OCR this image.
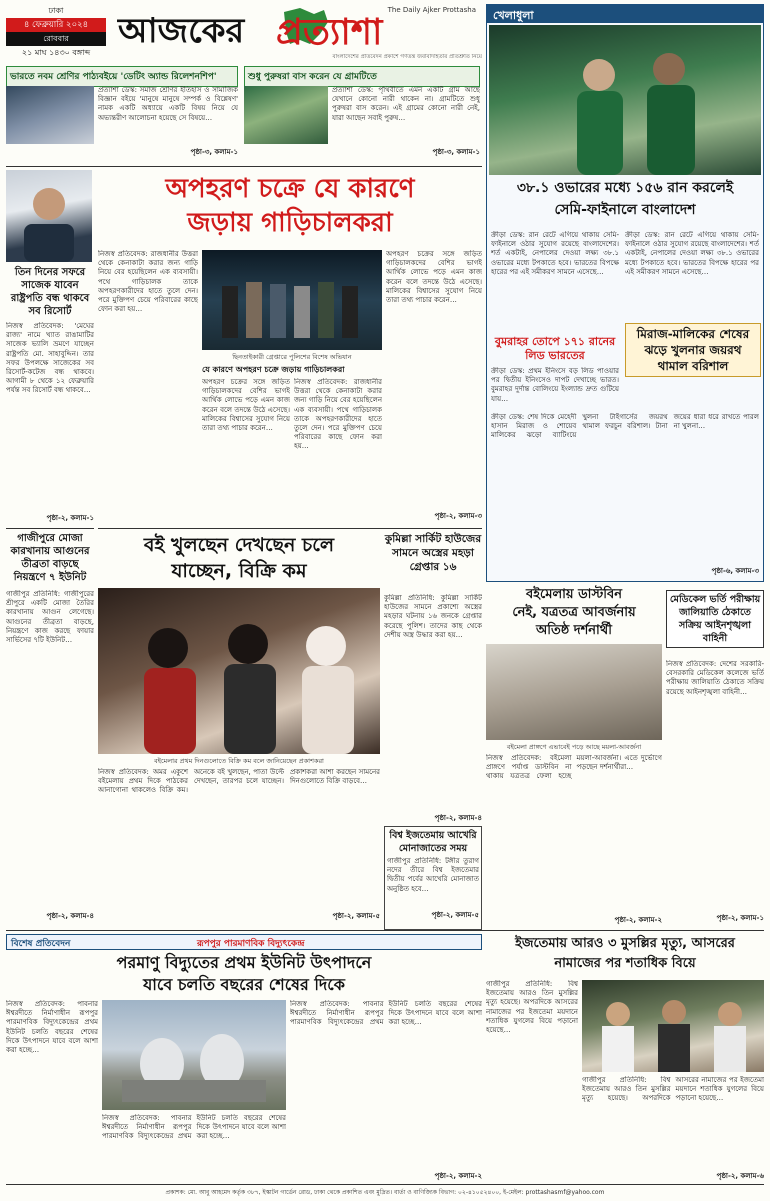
ঢাকা
৪ ফেব্রুয়ারি ২০২৪
রোববার
২১ মাঘ ১৪৩০ বঙ্গাব্দ
আজকের প্রত্যাশা
The Daily Ajker Prottasha
বাংলাদেশের প্রতিবেদন প্রকাশে গণতন্ত্র জবাবদিহিতার প্রতিশ্রুতি নিয়ে
ভারতে নবম শ্রেণির পাঠ্যবইয়ে 'ডেটিং অ্যান্ড রিলেশনশিপ'
প্রত্যাশা ডেস্ক: সমাজ শ্রেণির ইতিহাস ও সামাজিক বিজ্ঞান বইয়ে 'মানুষে মানুষে সম্পর্ক ও বিশ্লেষণ' নামক একটি অধ্যায়ে একটি বিষয় নিয়ে যে অভ্যন্তরীণ আলোচনা হয়েছে সে বিষয়ে…
পৃষ্ঠা-৩, কলাম-১
শুধু পুরুষরা বাস করেন যে গ্রামটিতে
প্রত্যাশা ডেস্ক: পৃথিবীতে এমন একটি গ্রাম আছে যেখানে কোনো নারী থাকেন না। গ্রামটিতে শুধু পুরুষরা বাস করেন। এই গ্রামের কোনো নারী নেই, যারা আছেন সবাই পুরুষ…
পৃষ্ঠা-৩, কলাম-১
খেলাধুলা
৩৮.১ ওভারের মধ্যে ১৫৬ রান করলেই
সেমি-ফাইনালে বাংলাদেশ
ক্রীড়া ডেস্ক: রান রেটে এগিয়ে থাকায় সেমি-ফাইনালে ওঠার সুযোগ রয়েছে বাংলাদেশের। শর্ত একটাই, নেপালের দেওয়া লক্ষ্য ৩৮.১ ওভারের মধ্যে টপকাতে হবে। ভারতের বিপক্ষে হারের পর এই সমীকরণ সামনে এসেছে…
ক্রীড়া ডেস্ক: রান রেটে এগিয়ে থাকায় সেমি-ফাইনালে ওঠার সুযোগ রয়েছে বাংলাদেশের। শর্ত একটাই, নেপালের দেওয়া লক্ষ্য ৩৮.১ ওভারের মধ্যে টপকাতে হবে। ভারতের বিপক্ষে হারের পর এই সমীকরণ সামনে এসেছে…
বুমরাহর তোপে ১৭১ রানের লিড ভারতের
ক্রীড়া ডেস্ক: প্রথম ইনিংসে বড় লিড পাওয়ার পর দ্বিতীয় ইনিংসেও দাপট দেখাচ্ছে ভারত। বুমরাহর দুর্দান্ত বোলিংয়ে ইংল্যান্ড দ্রুত গুটিয়ে যায়…
মিরাজ-মালিকের শেষের
ঝড়ে খুলনার জয়রথ
থামাল বরিশাল
ক্রীড়া ডেস্ক: শেষ দিকে মেহেদী হাসান মিরাজ ও শোয়েব মালিকের ঝড়ো ব্যাটিংয়ে খুলনা টাইগার্সের জয়রথ থামাল ফরচুন বরিশাল। টানা জয়ের ধারা ধরে রাখতে পারল না খুলনা…
পৃষ্ঠা-৬, কলাম-৩
তিন দিনের সফরে সাজেক যাবেন রাষ্ট্রপতি বন্ধ থাকবে সব রিসোর্ট
নিজস্ব প্রতিবেদক: 'মেঘের রাজ্য' নামে খ্যাত রাঙামাটির সাজেক ভ্যালি ভ্রমণে যাচ্ছেন রাষ্ট্রপতি মো. সাহাবুদ্দিন। তার সফর উপলক্ষে সাজেকের সব রিসোর্ট-কটেজ বন্ধ থাকবে। আগামী ৮ থেকে ১২ ফেব্রুয়ারি পর্যন্ত সব রিসোর্ট বন্ধ থাকবে…
পৃষ্ঠা-২, কলাম-১
গাজীপুরে মোজা কারখানায় আগুনের তীব্রতা বাড়ছে নিয়ন্ত্রণে ৭ ইউনিট
গাজীপুর প্রতিনিধি: গাজীপুরের শ্রীপুরে একটি মোজা তৈরির কারখানায় আগুন লেগেছে। আগুনের তীব্রতা বাড়ছে, নিয়ন্ত্রণে কাজ করছে ফায়ার সার্ভিসের ৭টি ইউনিট…
পৃষ্ঠা-২, কলাম-৪
অপহরণ চক্রে যে কারণে
জড়ায় গাড়িচালকরা
নিজস্ব প্রতিবেদক: রাজধানীর উত্তরা থেকে কেনাকাটা করার জন্য গাড়ি নিয়ে বের হয়েছিলেন এক ব্যবসায়ী। পথে গাড়িচালক তাকে অপহরণকারীদের হাতে তুলে দেন। পরে মুক্তিপণ চেয়ে পরিবারের কাছে ফোন করা হয়…
ছিনতাইকারী গ্রেপ্তারে পুলিশের বিশেষ অভিযান
যে কারণে অপহরণ চক্রে জড়ায় গাড়িচালকরা
অপহরণ চক্রের সঙ্গে জড়িত গাড়িচালকদের বেশির ভাগই আর্থিক লোভে পড়ে এমন কাজ করেন বলে তদন্তে উঠে এসেছে। মালিকের বিশ্বাসের সুযোগ নিয়ে তারা তথ্য পাচার করেন…
নিজস্ব প্রতিবেদক: রাজধানীর উত্তরা থেকে কেনাকাটা করার জন্য গাড়ি নিয়ে বের হয়েছিলেন এক ব্যবসায়ী। পথে গাড়িচালক তাকে অপহরণকারীদের হাতে তুলে দেন। পরে মুক্তিপণ চেয়ে পরিবারের কাছে ফোন করা হয়…
অপহরণ চক্রের সঙ্গে জড়িত গাড়িচালকদের বেশির ভাগই আর্থিক লোভে পড়ে এমন কাজ করেন বলে তদন্তে উঠে এসেছে। মালিকের বিশ্বাসের সুযোগ নিয়ে তারা তথ্য পাচার করেন…
পৃষ্ঠা-২, কলাম-৩
বই খুলছেন দেখছেন চলে
যাচ্ছেন, বিক্রি কম
বইমেলার প্রথম দিনগুলোতে বিক্রি কম বলে জানিয়েছেন প্রকাশকরা
নিজস্ব প্রতিবেদক: অমর একুশে বইমেলায় প্রথম দিকে পাঠকের আনাগোনা থাকলেও বিক্রি কম। অনেকে বই খুলছেন, পাতা উল্টে দেখছেন, তারপর চলে যাচ্ছেন। প্রকাশকরা আশা করছেন সামনের দিনগুলোতে বিক্রি বাড়বে…
পৃষ্ঠা-২, কলাম-৫
কুমিল্লা সার্কিট হাউজের সামনে অস্ত্রের মহড়া গ্রেপ্তার ১৬
কুমিল্লা প্রতিনিধি: কুমিল্লা সার্কিট হাউজের সামনে প্রকাশ্যে অস্ত্রের মহড়ার ঘটনায় ১৬ জনকে গ্রেপ্তার করেছে পুলিশ। তাদের কাছ থেকে দেশীয় অস্ত্র উদ্ধার করা হয়…
পৃষ্ঠা-২, কলাম-৪
বিশ্ব ইজতেমায় আখেরি মোনাজাতের সময়
গাজীপুর প্রতিনিধি: টঙ্গীর তুরাগ নদের তীরে বিশ্ব ইজতেমার দ্বিতীয় পর্বের আখেরি মোনাজাত অনুষ্ঠিত হবে…
পৃষ্ঠা-২, কলাম-৫
বইমেলায় ডাস্টবিন
নেই, যত্রতত্র আবর্জনায়
অতিষ্ঠ দর্শনার্থী
বইমেলা প্রাঙ্গণে এভাবেই পড়ে আছে ময়লা-আবর্জনা
নিজস্ব প্রতিবেদক: বইমেলা প্রাঙ্গণে পর্যাপ্ত ডাস্টবিন না থাকায় যত্রতত্র ফেলা হচ্ছে ময়লা-আবর্জনা। এতে দুর্ভোগে পড়ছেন দর্শনার্থীরা…
পৃষ্ঠা-২, কলাম-২
মেডিকেল ভর্তি পরীক্ষায় জালিয়াতি ঠেকাতে সক্রিয় আইনশৃঙ্খলা বাহিনী
নিজস্ব প্রতিবেদক: দেশের সরকারি-বেসরকারি মেডিকেল কলেজে ভর্তি পরীক্ষায় জালিয়াতি ঠেকাতে সক্রিয় রয়েছে আইনশৃঙ্খলা বাহিনী…
পৃষ্ঠা-২, কলাম-১
বিশেষ প্রতিবেদন	রূপপুর পারমাণবিক বিদ্যুৎকেন্দ্র
পরমাণু বিদ্যুতের প্রথম ইউনিট উৎপাদনে
যাবে চলতি বছরের শেষের দিকে
নিজস্ব প্রতিবেদক: পাবনার ঈশ্বরদীতে নির্মাণাধীন রূপপুর পারমাণবিক বিদ্যুৎকেন্দ্রের প্রথম ইউনিট চলতি বছরের শেষের দিকে উৎপাদনে যাবে বলে আশা করা হচ্ছে…
নিজস্ব প্রতিবেদক: পাবনার ঈশ্বরদীতে নির্মাণাধীন রূপপুর পারমাণবিক বিদ্যুৎকেন্দ্রের প্রথম ইউনিট চলতি বছরের শেষের দিকে উৎপাদনে যাবে বলে আশা করা হচ্ছে…
নিজস্ব প্রতিবেদক: পাবনার ঈশ্বরদীতে নির্মাণাধীন রূপপুর পারমাণবিক বিদ্যুৎকেন্দ্রের প্রথম ইউনিট চলতি বছরের শেষের দিকে উৎপাদনে যাবে বলে আশা করা হচ্ছে…
পৃষ্ঠা-২, কলাম-২
ইজতেমায় আরও ৩ মুসল্লির মৃত্যু, আসরের
নামাজের পর শতাধিক বিয়ে
গাজীপুর প্রতিনিধি: বিশ্ব ইজতেমায় আরও তিন মুসল্লির মৃত্যু হয়েছে। অপরদিকে আসরের নামাজের পর ইজতেমা ময়দানে শতাধিক যুগলের বিয়ে পড়ানো হয়েছে…
গাজীপুর প্রতিনিধি: বিশ্ব ইজতেমায় আরও তিন মুসল্লির মৃত্যু হয়েছে। অপরদিকে আসরের নামাজের পর ইজতেমা ময়দানে শতাধিক যুগলের বিয়ে পড়ানো হয়েছে…
পৃষ্ঠা-২, কলাম-৬
প্রকাশক: মো. আবু আহমেদ কর্তৃক ৩৮৭, ইস্কাটন গার্ডেন রোড, ঢাকা থেকে প্রকাশিত এবং মুদ্রিত। বার্তা ও বাণিজ্যিক বিভাগ: ০২-৪১০৫২৪০০, ই-মেইল: prottashasmf@yahoo.com
